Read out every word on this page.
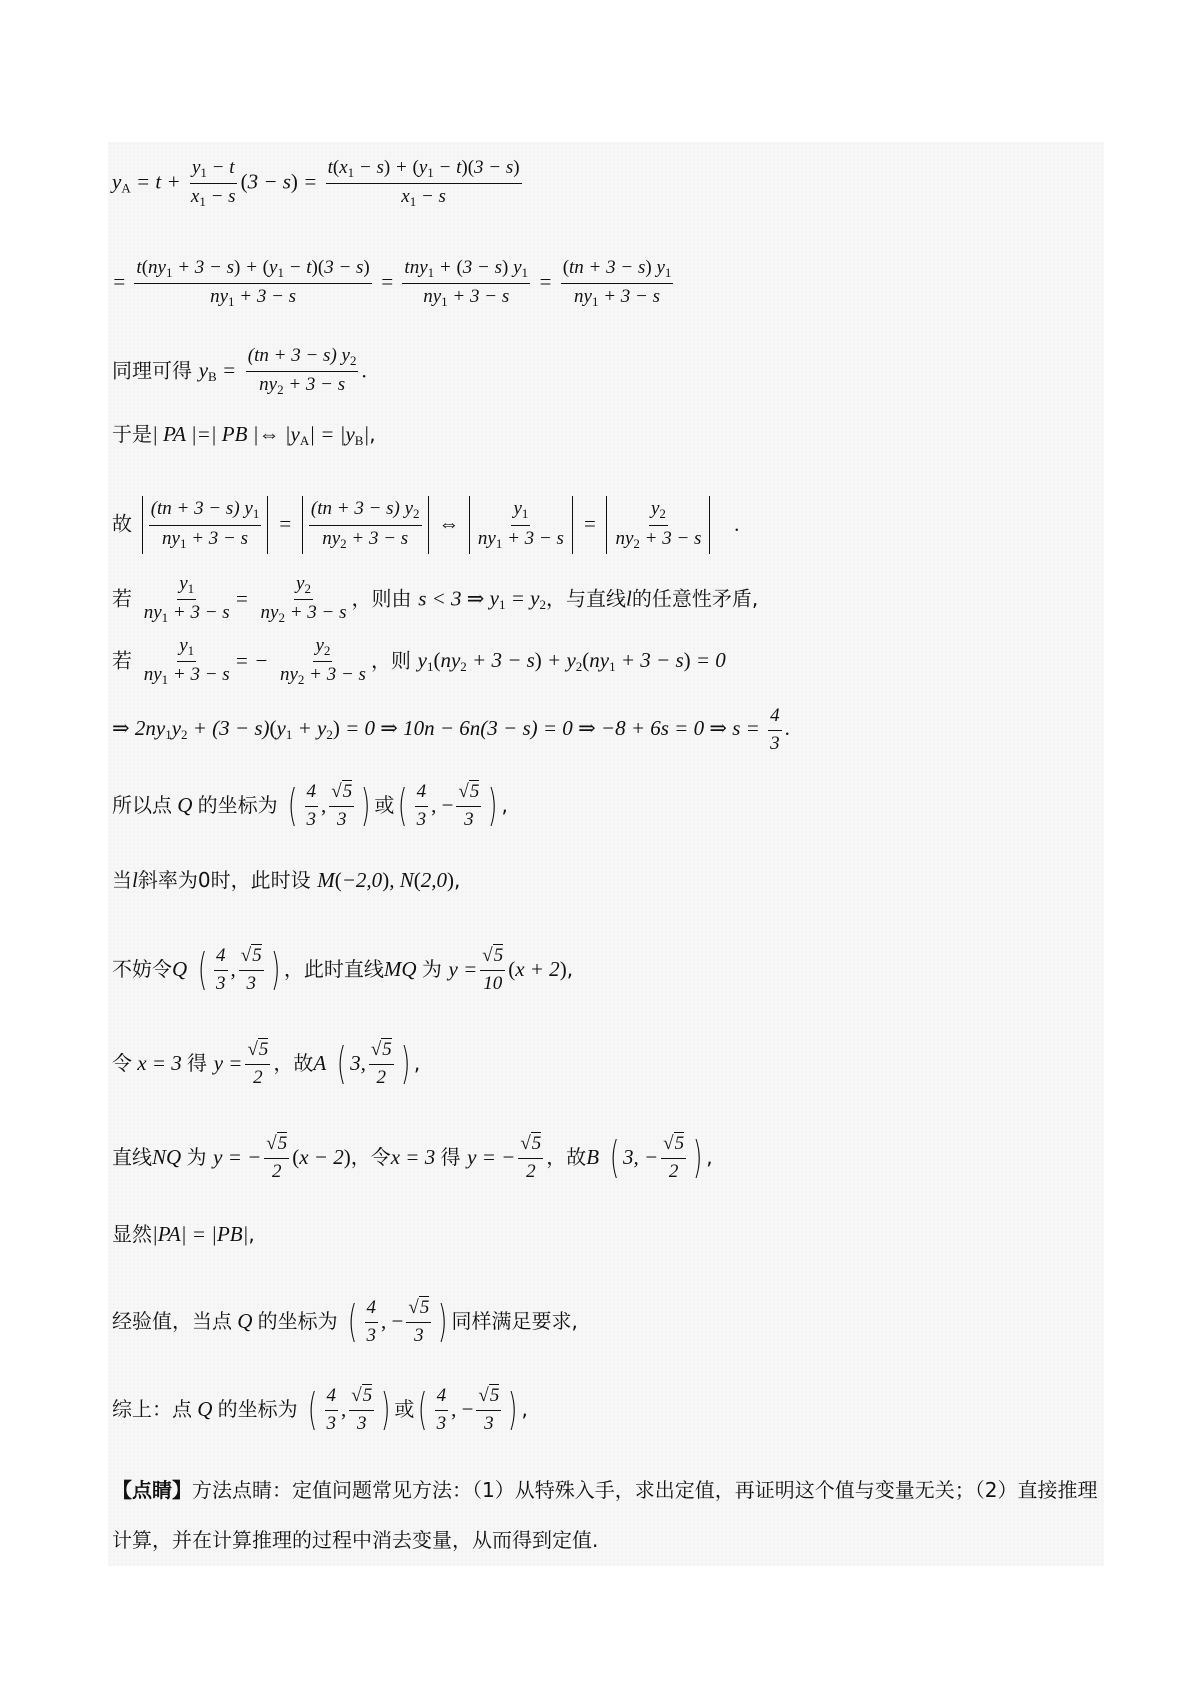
$y_A = t + \frac{y_1 - t}{x_1 - s} (3 - s) = \frac{t(x_1 - s) + (y_1 - t)(3 - s)}{x_1 - s}$
= $\frac{t(ny_1 + 3 - s) + (y_1 - t)(3 - s)}{ny_1 + 3 - s} = \frac{tny_1 + (3 - s) y_1}{ny_1 + 3 - s} = \frac{(tn + 3 - s) y_1}{ny_1 + 3 - s}$
同理可得 $y_B = \frac{(tn + 3 - s) y_2}{ny_2 + 3 - s}$ .
于是| PA |=| PB |⇔ $|y_A| = |y_B|$,
故 $\frac{(tn + 3 - s) y_1}{ny_1 + 3 - s} = \frac{(tn + 3 - s) y_2}{ny_2 + 3 - s}$ ⇔ $\frac{y_1}{ny_1 + 3 - s} = \frac{y_2}{ny_2 + 3 - s}$ .
若 $\frac{y_1}{ny_1 + 3 - s} = \frac{y_2}{ny_2 + 3 - s}$ ，则由 s < 3 ⇒ $y_1 = y_2$，与直线l的任意性矛盾,
若 $\frac{y_1}{ny_1 + 3 - s}$ = − $\frac{y_2}{ny_2 + 3 - s}$ ，则 $y_1(ny_2 + 3 - s) + y_2(ny_1 + 3 - s) = 0$
⇒ $2ny_1y_2 + (3 - s)(y_1 + y_2) = 0$ ⇒ 10n − 6n(3 − s) = 0 ⇒ −8 + 6s = 0 ⇒ $s = \frac{4}{3}$ .
所以点 Q 的坐标为 ( $\frac{4}{3}$ , $\frac{√5}{3}$ ) 或( $\frac{4}{3}$ , − $\frac{√5}{3}$ ) ,
当l斜率为0时，此时设 M(−2,0), N(2,0),
不妨令Q ( $\frac{4}{3}$ , $\frac{√5}{3}$ ) ，此时直线MQ 为 $y = \frac{√5}{10} (x + 2)$,
令 x = 3 得 $y = \frac{√5}{2}$ ，故A ( 3, $\frac{√5}{2}$ ) ,
直线NQ 为 y = − $\frac{√5}{2} (x - 2)$，令x = 3 得 y = − $\frac{√5}{2}$ ，故B ( 3, − $\frac{√5}{2}$ ) ,
显然|PA| = |PB|,
经验值，当点 Q 的坐标为 ( $\frac{4}{3}$ , − $\frac{√5}{3}$ ) 同样满足要求,
综上：点 Q 的坐标为 ( $\frac{4}{3}$ , $\frac{√5}{3}$ ) 或( $\frac{4}{3}$ , − $\frac{√5}{3}$ ) ,
【点睛】方法点睛：定值问题常见方法：（1）从特殊入手，求出定值，再证明这个值与变量无关；（2）直接推理计算，并在计算推理的过程中消去变量，从而得到定值.
